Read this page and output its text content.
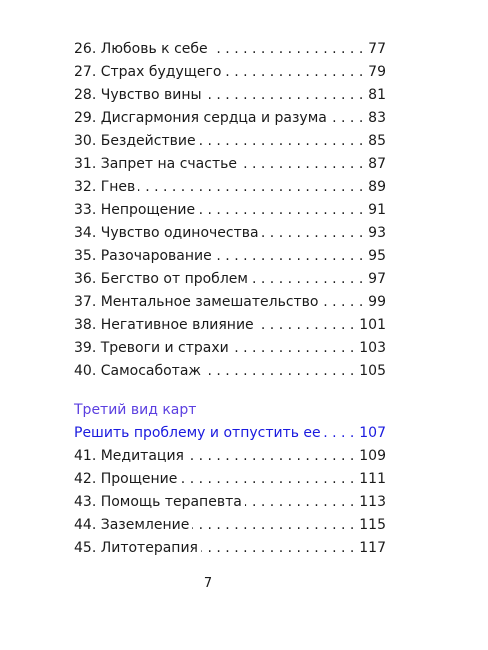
26. Любовь к себе	77
. . .
27. Страх будущего	79
. . .
28. Чувство вины	81
. . .
29. Дисгармония сердца и разума	83
. . .
30. Бездействие	85
. . .
31. Запрет на счастье	87
. . .
32. Гнев	89
. . .
33. Непрощение	91
. . .
34. Чувство одиночества	93
. . .
35. Разочарование	95
. . .
36. Бегство от проблем	97
. . .
37. Ментальное замешательство	99
. . .
38. Негативное влияние	101
. . .
39. Тревоги и страхи	103
. . .
40. Самосаботаж	105
. . .
Третий вид карт
Решить проблему и отпустить ее	107
. . .
41. Медитация	109
. . .
42. Прощение	111
. . .
43. Помощь терапевта	113
. . .
44. Заземление	115
. . .
45. Литотерапия	117
. . .
7
